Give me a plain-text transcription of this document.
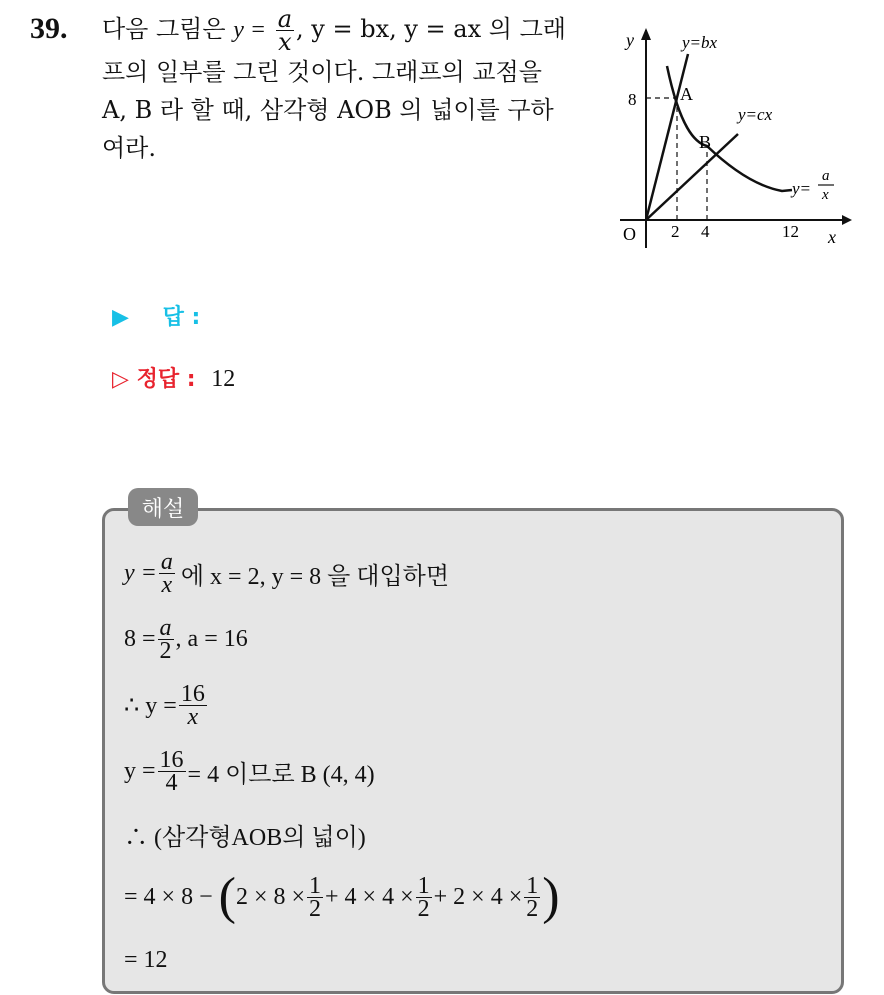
39. 다음 그림은 $y = \frac{a}{x}$ , y = bx, y = ax 의 그래
프의 일부를 그린 것이다. 그래프의 교점을
A, B 라 할 때, 삼각형 AOB 의 넓이를 구하
여라.
y
x
O
8
2 4	12
A
B
y=bx
y=cx
y=
a
x
▶ 답 :
▷ 정답 : 12
해설
$y = \frac{a}{x}$ 에 x = 2, y = 8 을 대입하면
$8 = \frac{a}{2}$ , a = 16
∴ $y = \frac{16}{x}$
$y = \frac{16}{4} = 4$ 이므로 B (4, 4)
∴ (삼각형AOB의 넓이)
= 4 × 8 − ( $2 \times 8 \times \frac{1}{2} + 4 \times 4 \times \frac{1}{2} + 2 \times 4 \times \frac{1}{2}$ )
= 12
